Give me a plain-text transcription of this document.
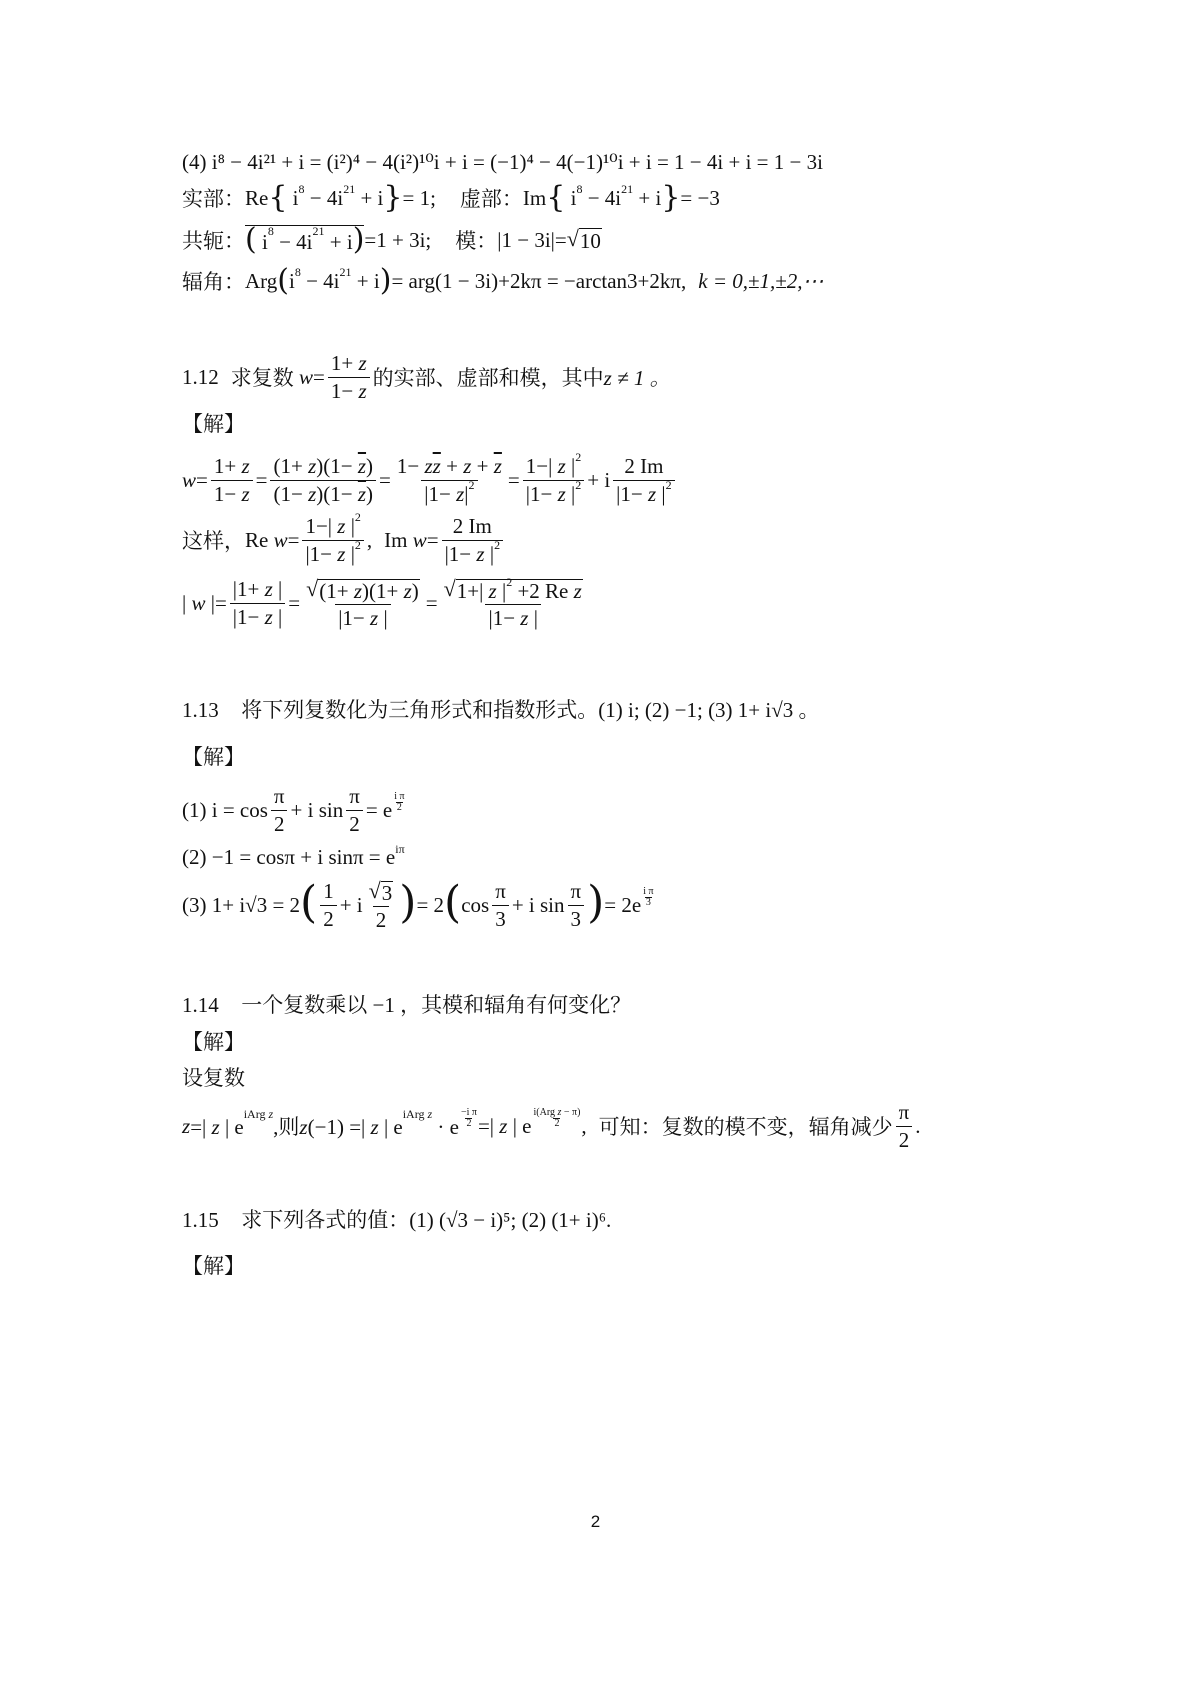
(4) i⁸ − 4i²¹ + i = (i²)⁴ − 4(i²)¹⁰i + i = (−1)⁴ − 4(−1)¹⁰i + i = 1 − 4i + i = 1 − 3i
实部： Re { $i^8 - 4i^{21} + i$ } = 1; 虚部： Im { $i^8 - 4i^{21} + i$ } = −3
共轭： ( $i^8 - 4i^{21} + i) =1 + 3i$; 模： |1 − 3i|= √ 10
辐角： Arg ( $i^8 - 4i^{21} + i$ ) = arg(1 − 3i)+2kπ = −arctan3+2kπ, k = 0,±1,±2,⋯
1.12 求复数 $w = \frac{1+ z}{1- z}$ 的实部、虚部和模，其中 z ≠ 1 。
【解】
$w = \frac{1+ z}{1- z} = \frac{(1+ z)(1- \overline{z})}{(1- z)(1- \overline{z})} = \frac{1- z\overline{z} + z + \overline{z}}{|1- z|^2} = \frac{1-| z |^2}{|1- z |^2} + i \frac{2 Im}{|1- z |^2}$
这样， Re $w = \frac{1-| z |^2}{|1- z |^2}$ , Im $w = \frac{2 Im}{|1- z |^2}$
| w |= $\frac{|1+ z |}{|1- z |} = \frac{√ (1+ z)(1+ z)}{|1- z |} = \frac{√ 1+| z |^2 +2 Re z}{|1- z |}$
1.13 将下列复数化为三角形式和指数形式。(1) i; (2) −1; (3) 1+ i√3 。
【解】
(1) $i = \cos \frac{\pi}{2} + i$ $\sin \frac{\pi}{2} = e$
i π
2
(2) −1 = cosπ + i $\sin\pi = e^{i\pi}$
(3) 1+ i√3 = 2 ( $\frac{1}{2} + i \frac{√ 3}{2}$ ) = 2 ( $\cos \frac{\pi}{3} + i$ $\sin \frac{\pi}{3}$ ) = 2e
i π
3
1.14 一个复数乘以 −1 ，其模和辐角有何变化？
【解】
设复数
z =| z | $e^{iArg z}$,则z(−1) =| z | $e^{iArg z} \cdot e \frac{\text{−i π}}{2}$ =| z | e
i(Arg z − π)
2 , 可知：复数的模不变，辐角减少 $\frac{\pi}{2}$ .
1.15 求下列各式的值：(1) (√3 − i)⁵; (2) (1+ i)⁶.
【解】
2
